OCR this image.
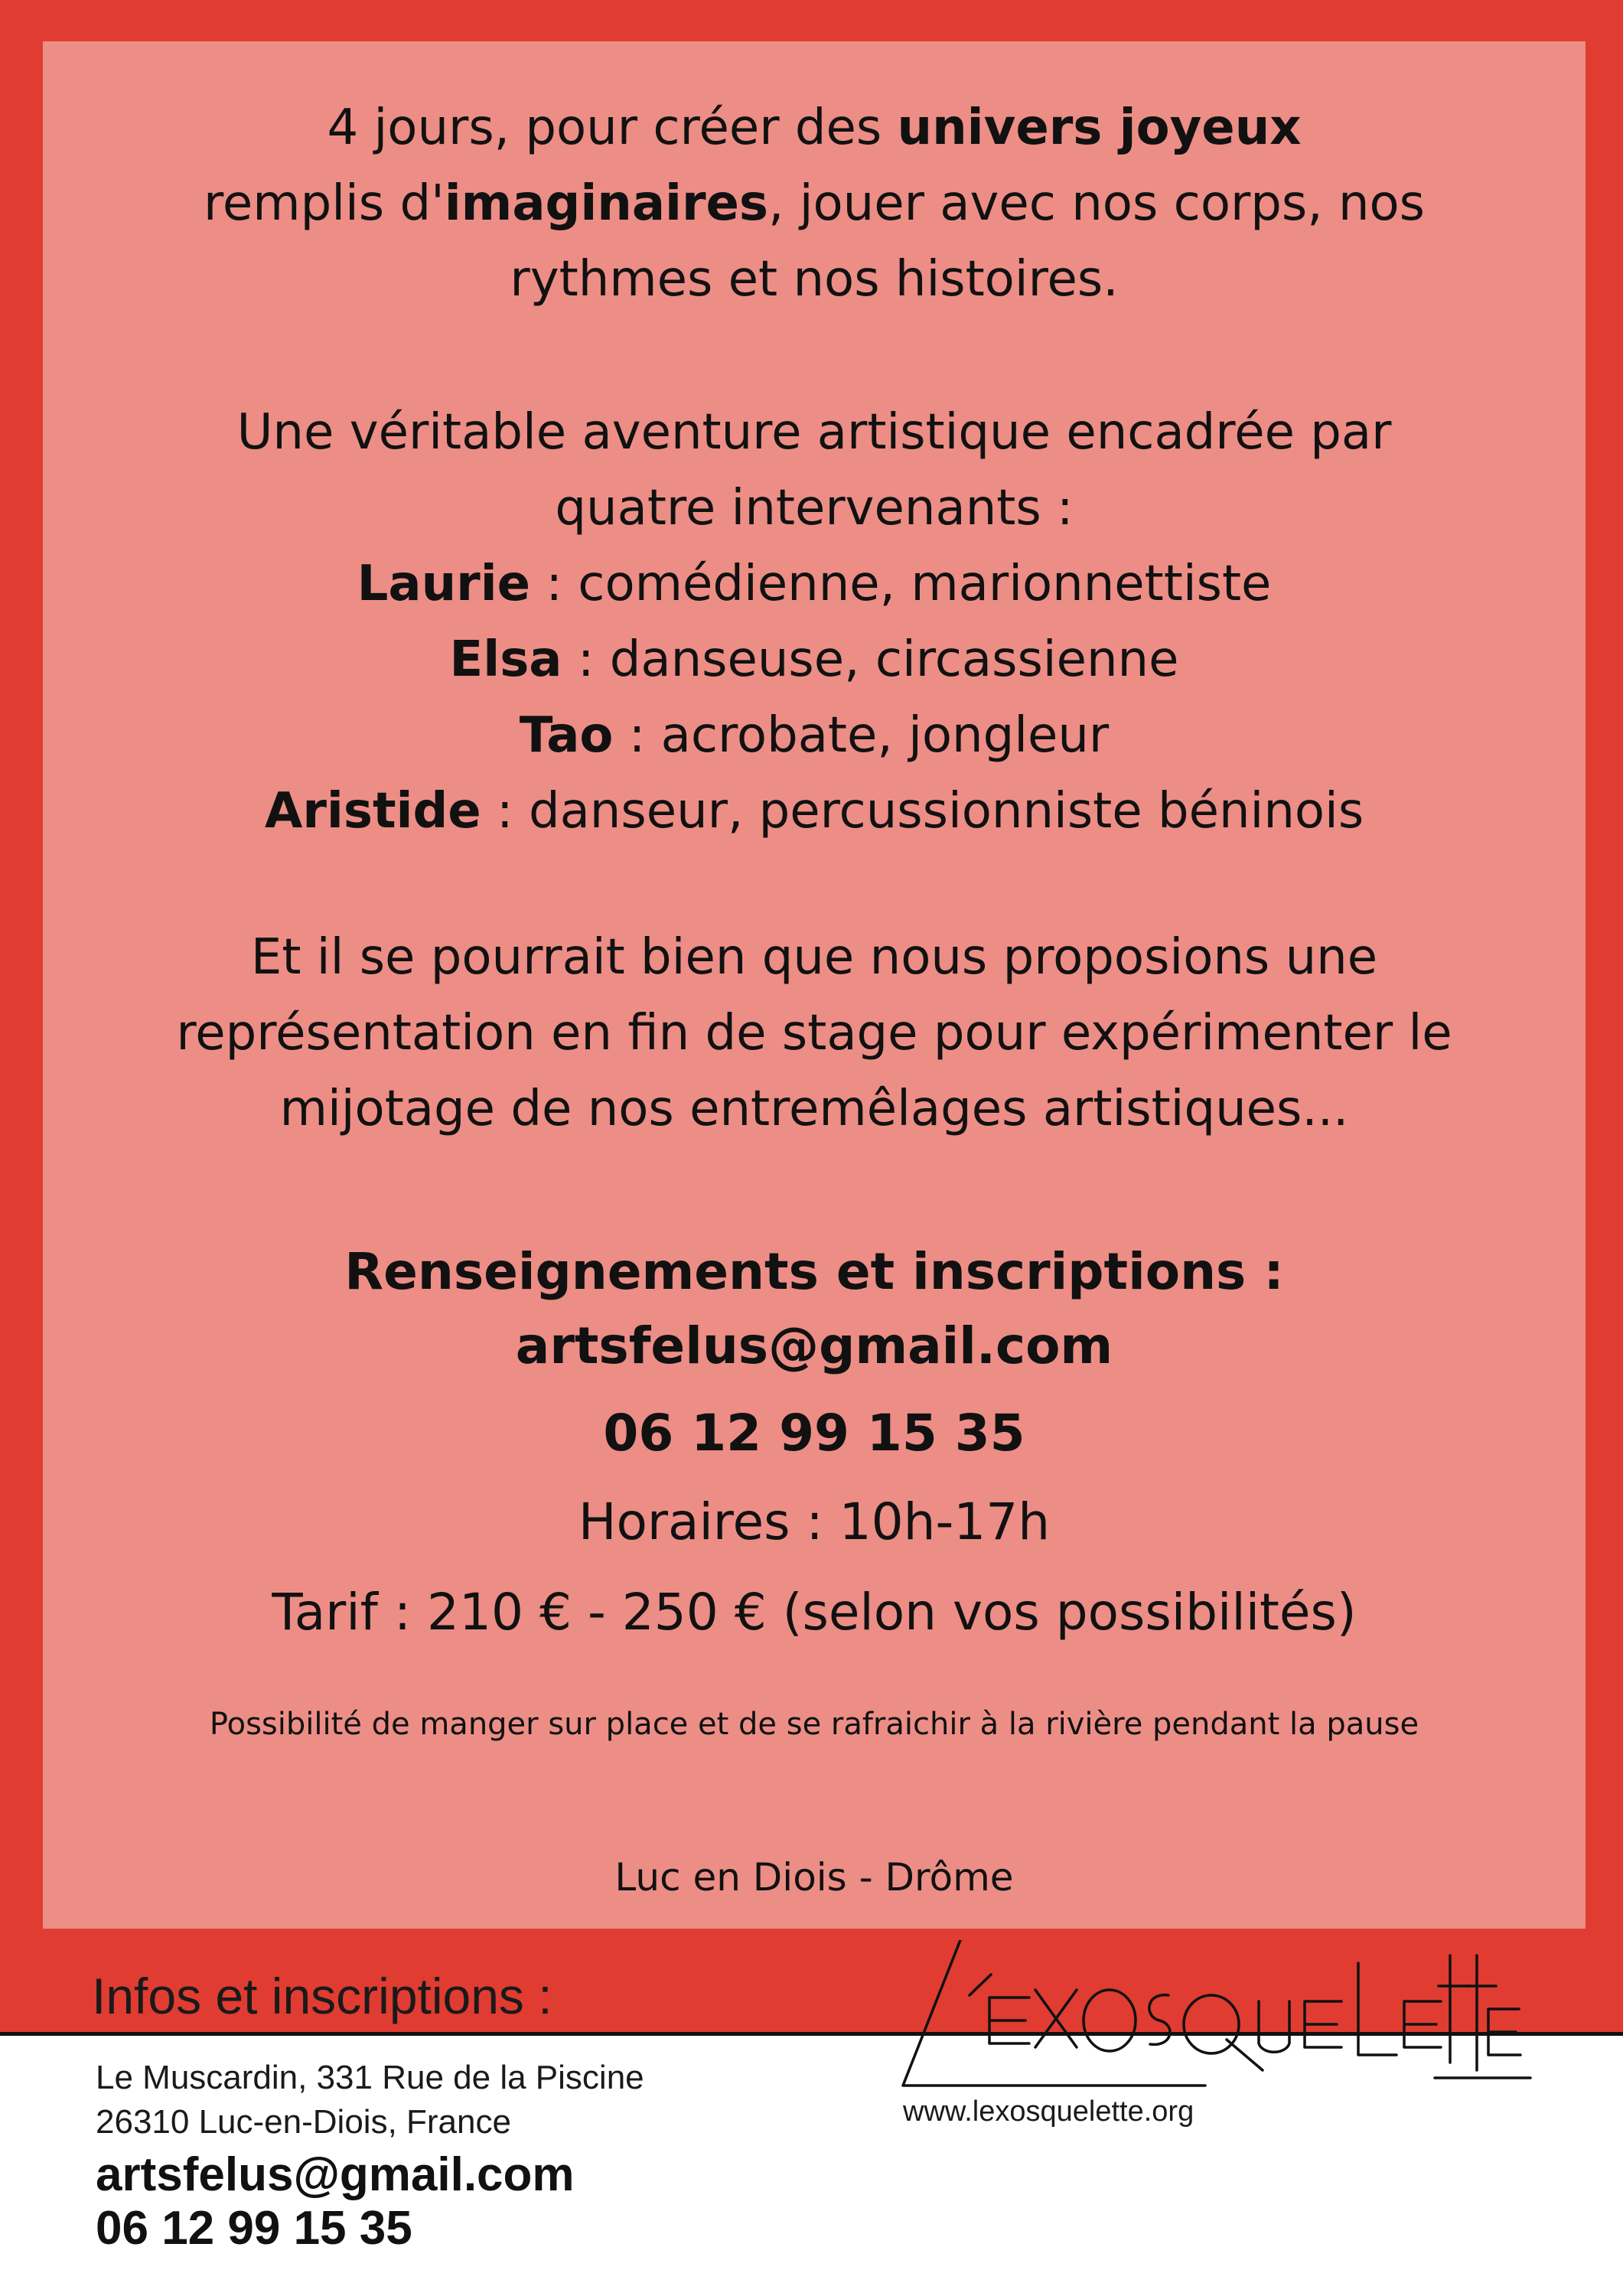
4 jours, pour créer des univers joyeux

remplis d'imaginaires, jouer avec nos corps, nos

rythmes et nos histoires.

Une véritable aventure artistique encadrée par

quatre intervenants :

Laurie : comédienne, marionnettiste

Elsa : danseuse, circassienne

Tao : acrobate, jongleur

Aristide : danseur, percussionniste béninois

Et il se pourrait bien que nous proposions une

représentation en fin de stage pour expérimenter le

mijotage de nos entremêlages artistiques...

Renseignements et inscriptions :

artsfelus@gmail.com

06 12 99 15 35

Horaires : 10h-17h

Tarif : 210 € - 250 € (selon vos possibilités)

Possibilité de manger sur place et de se rafraichir à la rivière pendant la pause

Luc en Diois - Drôme

Infos et inscriptions :

Le Muscardin, 331 Rue de la Piscine

26310 Luc-en-Diois, France

artsfelus@gmail.com

06 12 99 15 35

www.lexosquelette.org
